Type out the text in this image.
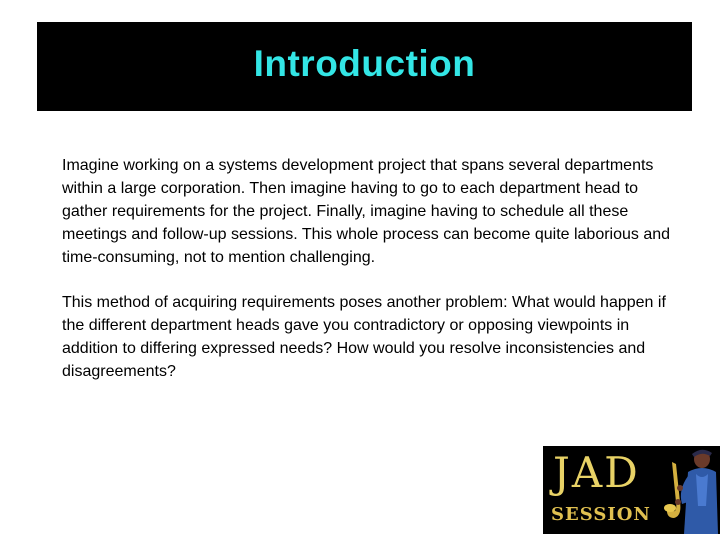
Introduction

Imagine working on a systems development project that spans several departments within a large corporation. Then imagine having to go to each department head to gather requirements for the project. Finally, imagine having to schedule all these meetings and follow-up sessions. This whole process can become quite laborious and time-consuming, not to mention challenging.

This method of acquiring requirements poses another problem: What would happen if the different department heads gave you contradictory or opposing viewpoints in addition to differing expressed needs? How would you resolve inconsistencies and disagreements?

JAD
SESSION
